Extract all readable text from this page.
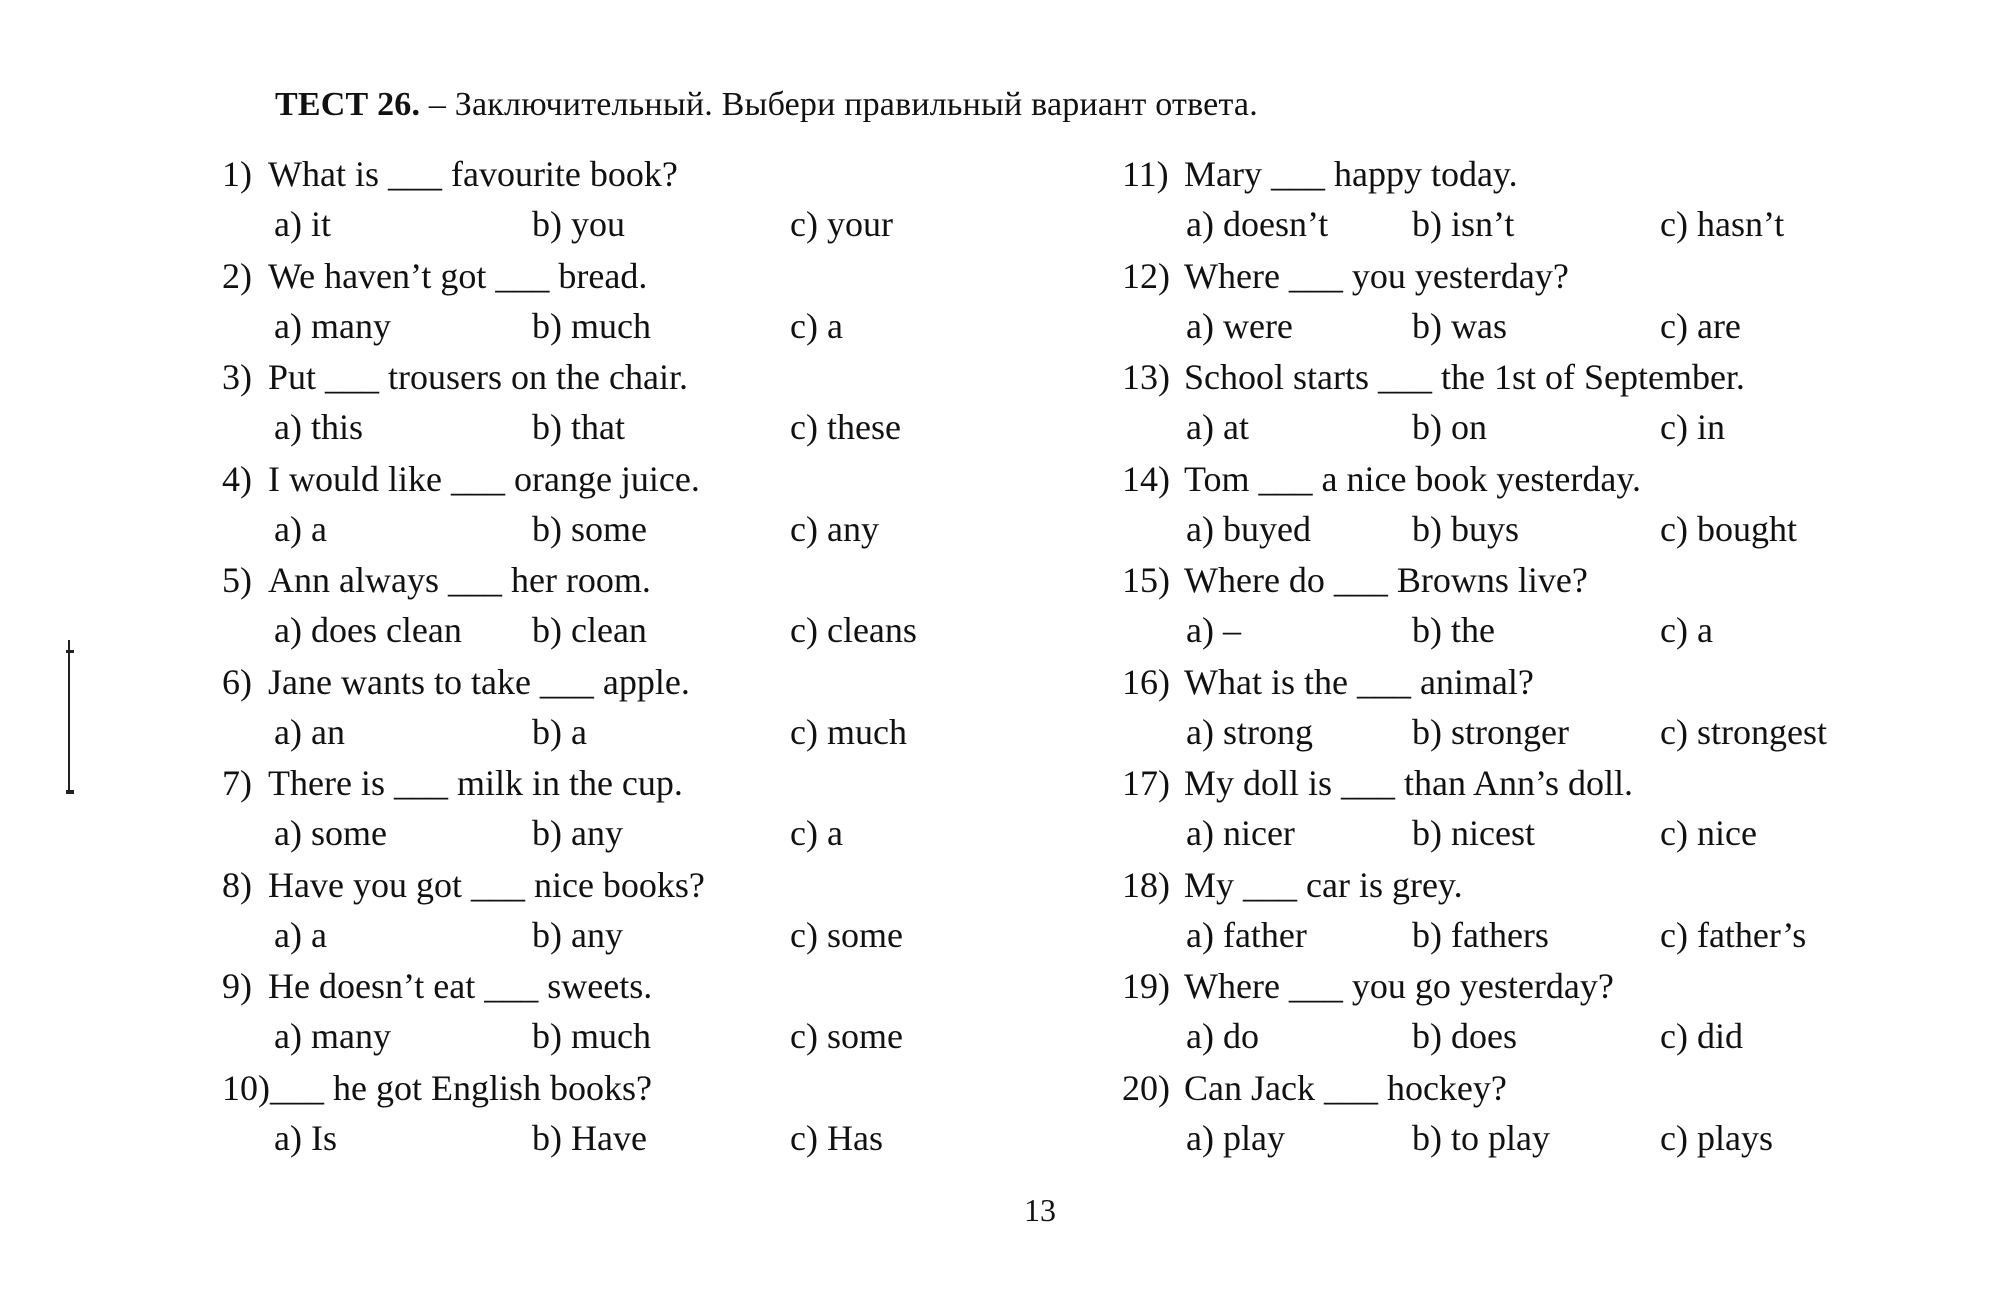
ТЕСТ 26. – Заключительный. Выбери правильный вариант ответа.
1) What is ___ favourite book?
a) it	b) you	c) your
2) We haven’t got ___ bread.
a) many	b) much	c) a
3) Put ___ trousers on the chair.
a) this	b) that	c) these
4) I would like ___ orange juice.
a) a	b) some	c) any
5) Ann always ___ her room.
a) does clean b) clean	c) cleans
6) Jane wants to take ___ apple.
a) an	b) a	c) much
7) There is ___ milk in the cup.
a) some	b) any	c) a
8) Have you got ___ nice books?
a) a	b) any	c) some
9) He doesn’t eat ___ sweets.
a) many	b) much	c) some
10)___ he got English books?
a) Is	b) Have	c) Has
11) Mary ___ happy today.
a) doesn’t b) isn’t	c) hasn’t
12) Where ___ you yesterday?
a) were	b) was	c) are
13) School starts ___ the 1st of September.
a) at	b) on	c) in
14) Tom ___ a nice book yesterday.
a) buyed	b) buys	c) bought
15) Where do ___ Browns live?
a) –	b) the	c) a
16) What is the ___ animal?
a) strong	b) stronger	c) strongest
17) My doll is ___ than Ann’s doll.
a) nicer	b) nicest	c) nice
18) My ___ car is grey.
a) father	b) fathers	c) father’s
19) Where ___ you go yesterday?
a) do	b) does	c) did
20) Can Jack ___ hockey?
a) play	b) to play	c) plays
13
